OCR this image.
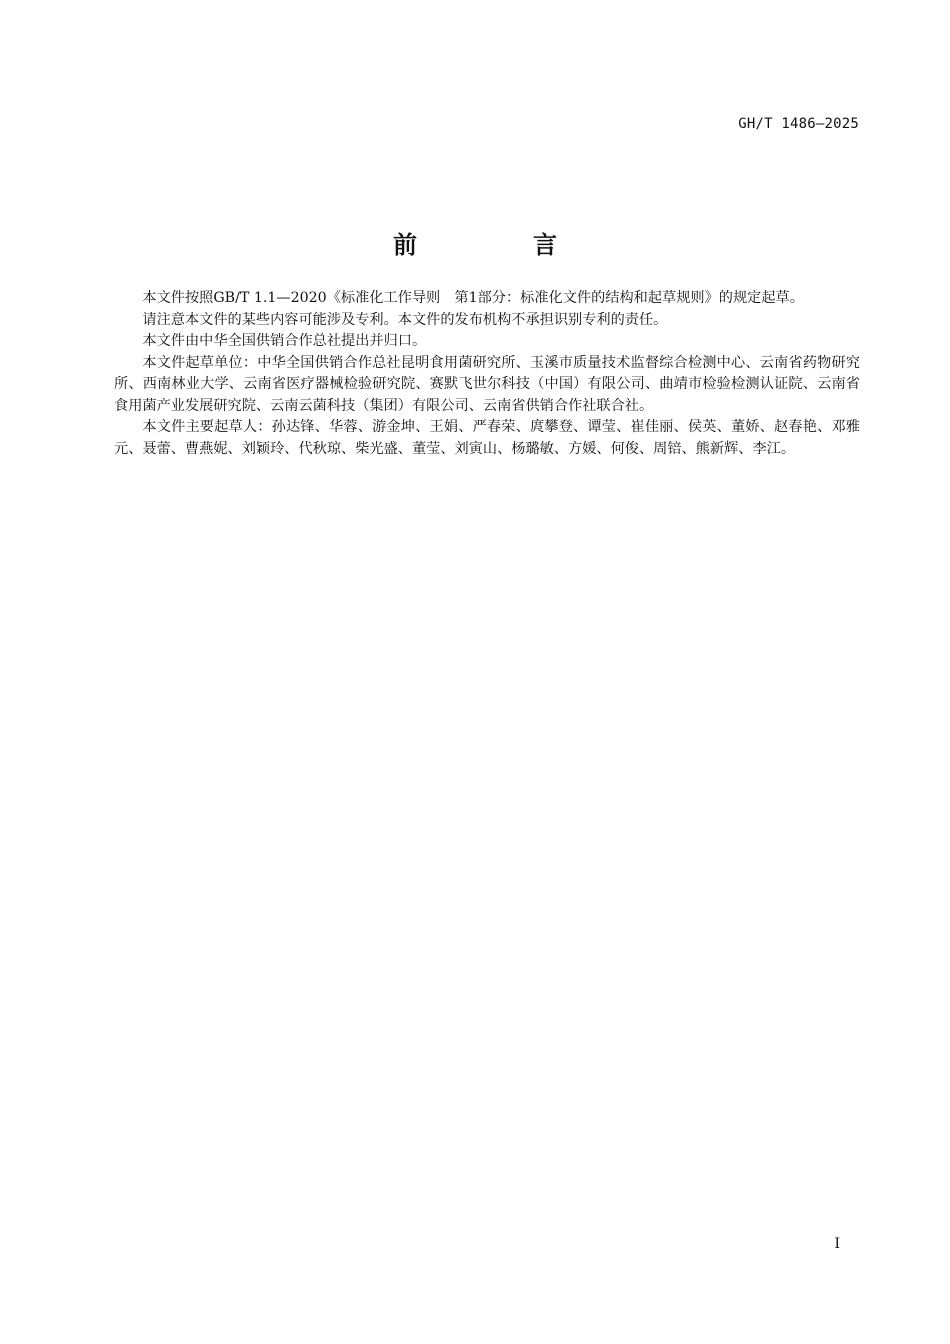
GH/T 1486—2025
前　言

本文件按照GB/T 1.1—2020《标准化工作导则　第1部分：标准化文件的结构和起草规则》的规定起草。

请注意本文件的某些内容可能涉及专利。本文件的发布机构不承担识别专利的责任。

本文件由中华全国供销合作总社提出并归口。

本文件起草单位：中华全国供销合作总社昆明食用菌研究所、玉溪市质量技术监督综合检测中心、云南省药物研究所、西南林业大学、云南省医疗器械检验研究院、赛默飞世尔科技（中国）有限公司、曲靖市检验检测认证院、云南省食用菌产业发展研究院、云南云菌科技（集团）有限公司、云南省供销合作社联合社。

本文件主要起草人：孙达锋、华蓉、游金坤、王娟、严春荣、庹攀登、谭莹、崔佳丽、侯英、董娇、赵春艳、邓雅元、聂蕾、曹燕妮、刘颖玲、代秋琼、柴光盛、董莹、刘寅山、杨璐敏、方媛、何俊、周锫、熊新辉、李江。

I
